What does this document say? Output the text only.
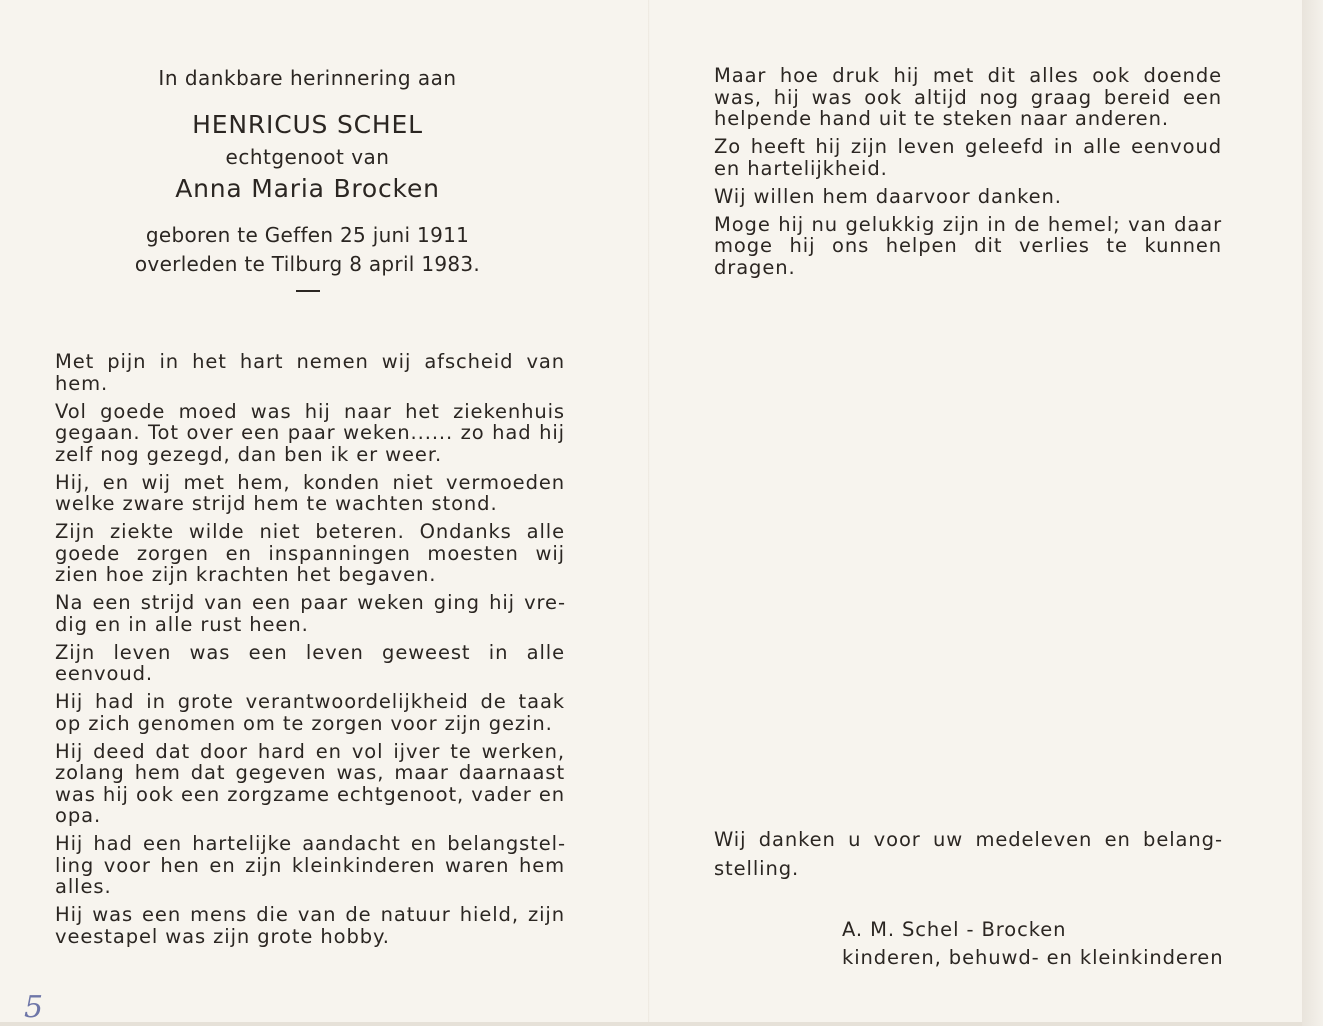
In dankbare herinnering aan
HENRICUS SCHEL
echtgenoot van
Anna Maria Brocken
geboren te Geffen 25 juni 1911
overleden te Tilburg 8 april 1983.

Met pijn in het hart nemen wij afscheid van hem.

Vol goede moed was hij naar het ziekenhuis gegaan. Tot over een paar weken...... zo had hij zelf nog gezegd, dan ben ik er weer.

Hij, en wij met hem, konden niet vermoeden welke zware strijd hem te wachten stond.

Zijn ziekte wilde niet beteren. Ondanks alle goede zorgen en inspanningen moesten wij zien hoe zijn krachten het begaven.

Na een strijd van een paar weken ging hij vredig en in alle rust heen.

Zijn leven was een leven geweest in alle eenvoud.

Hij had in grote verantwoordelijkheid de taak op zich genomen om te zorgen voor zijn gezin.

Hij deed dat door hard en vol ijver te werken, zolang hem dat gegeven was, maar daarnaast was hij ook een zorgzame echtgenoot, vader en opa.

Hij had een hartelijke aandacht en belangstelling voor hen en zijn kleinkinderen waren hem alles.

Hij was een mens die van de natuur hield, zijn veestapel was zijn grote hobby.

Maar hoe druk hij met dit alles ook doende was, hij was ook altijd nog graag bereid een helpende hand uit te steken naar anderen.

Zo heeft hij zijn leven geleefd in alle eenvoud en hartelijkheid.

Wij willen hem daarvoor danken.

Moge hij nu gelukkig zijn in de hemel; van daar moge hij ons helpen dit verlies te kunnen dragen.

Wij danken u voor uw medeleven en belangstelling.
A. M. Schel - Brocken
kinderen, behuwd- en kleinkinderen
5
